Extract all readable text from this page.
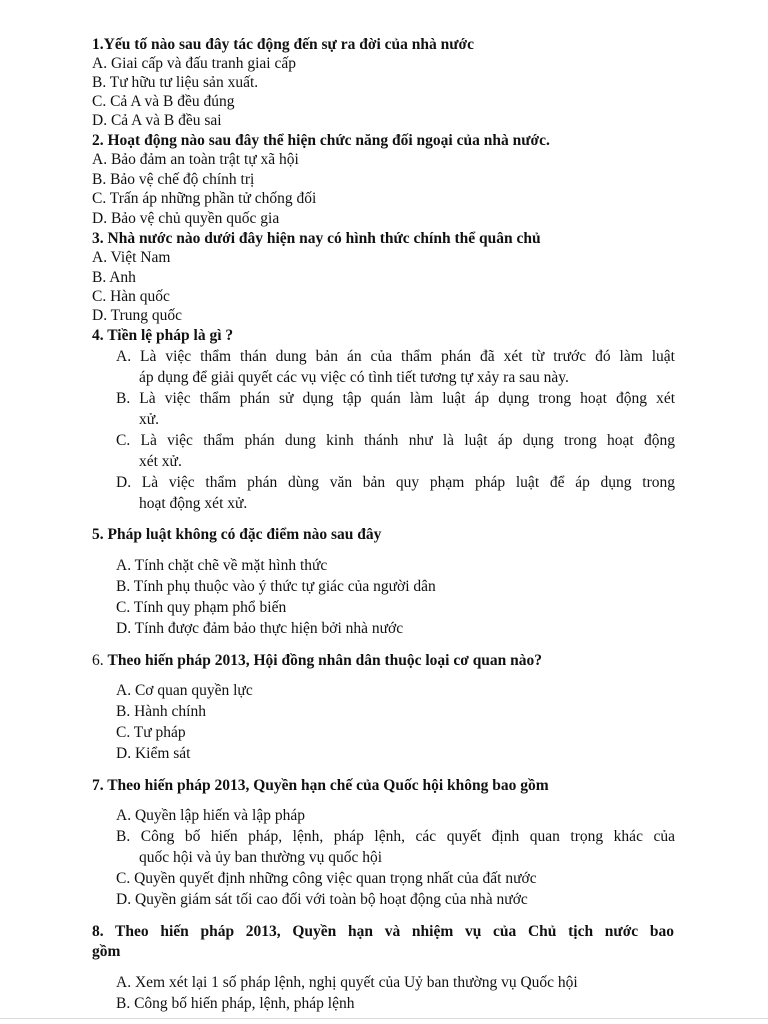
1.Yếu tố nào sau đây tác động đến sự ra đời của nhà nước
A. Giai cấp và đấu tranh giai cấp
B. Tư hữu tư liệu sản xuất.
C. Cả A và B đều đúng
D. Cả A và B đều sai
2. Hoạt động nào sau đây thể hiện chức năng đối ngoại của nhà nước.
A. Bảo đảm an toàn trật tự xã hội
B. Bảo vệ chế độ chính trị
C. Trấn áp những phần tử chống đối
D. Bảo vệ chủ quyền quốc gia
3. Nhà nước nào dưới đây hiện nay có hình thức chính thể quân chủ
A. Việt Nam
B. Anh
C. Hàn quốc
D. Trung quốc
4. Tiền lệ pháp là gì ?
A. Là việc thẩm thán dung bản án của thẩm phán đã xét từ trước đó làm luật
áp dụng để giải quyết các vụ việc có tình tiết tương tự xảy ra sau này.
B. Là việc thẩm phán sử dụng tập quán làm luật áp dụng trong hoạt động xét
xử.
C. Là việc thẩm phán dung kinh thánh như là luật áp dụng trong hoạt động
xét xử.
D. Là việc thẩm phán dùng văn bản quy phạm pháp luật để áp dụng trong
hoạt động xét xử.
5. Pháp luật không có đặc điểm nào sau đây
A. Tính chặt chẽ về mặt hình thức
B. Tính phụ thuộc vào ý thức tự giác của người dân
C. Tính quy phạm phổ biến
D. Tính được đảm bảo thực hiện bởi nhà nước
6. Theo hiến pháp 2013, Hội đồng nhân dân thuộc loại cơ quan nào?
A. Cơ quan quyền lực
B. Hành chính
C. Tư pháp
D. Kiểm sát
7. Theo hiến pháp 2013, Quyền hạn chế của Quốc hội không bao gồm
A. Quyền lập hiến và lập pháp
B. Công bố hiến pháp, lệnh, pháp lệnh, các quyết định quan trọng khác của
quốc hội và ủy ban thường vụ quốc hội
C. Quyền quyết định những công việc quan trọng nhất của đất nước
D. Quyền giám sát tối cao đối với toàn bộ hoạt động của nhà nước
8. Theo hiến pháp 2013, Quyền hạn và nhiệm vụ của Chủ tịch nước bao
gồm
A. Xem xét lại 1 số pháp lệnh, nghị quyết của Uỷ ban thường vụ Quốc hội
B. Công bố hiến pháp, lệnh, pháp lệnh
